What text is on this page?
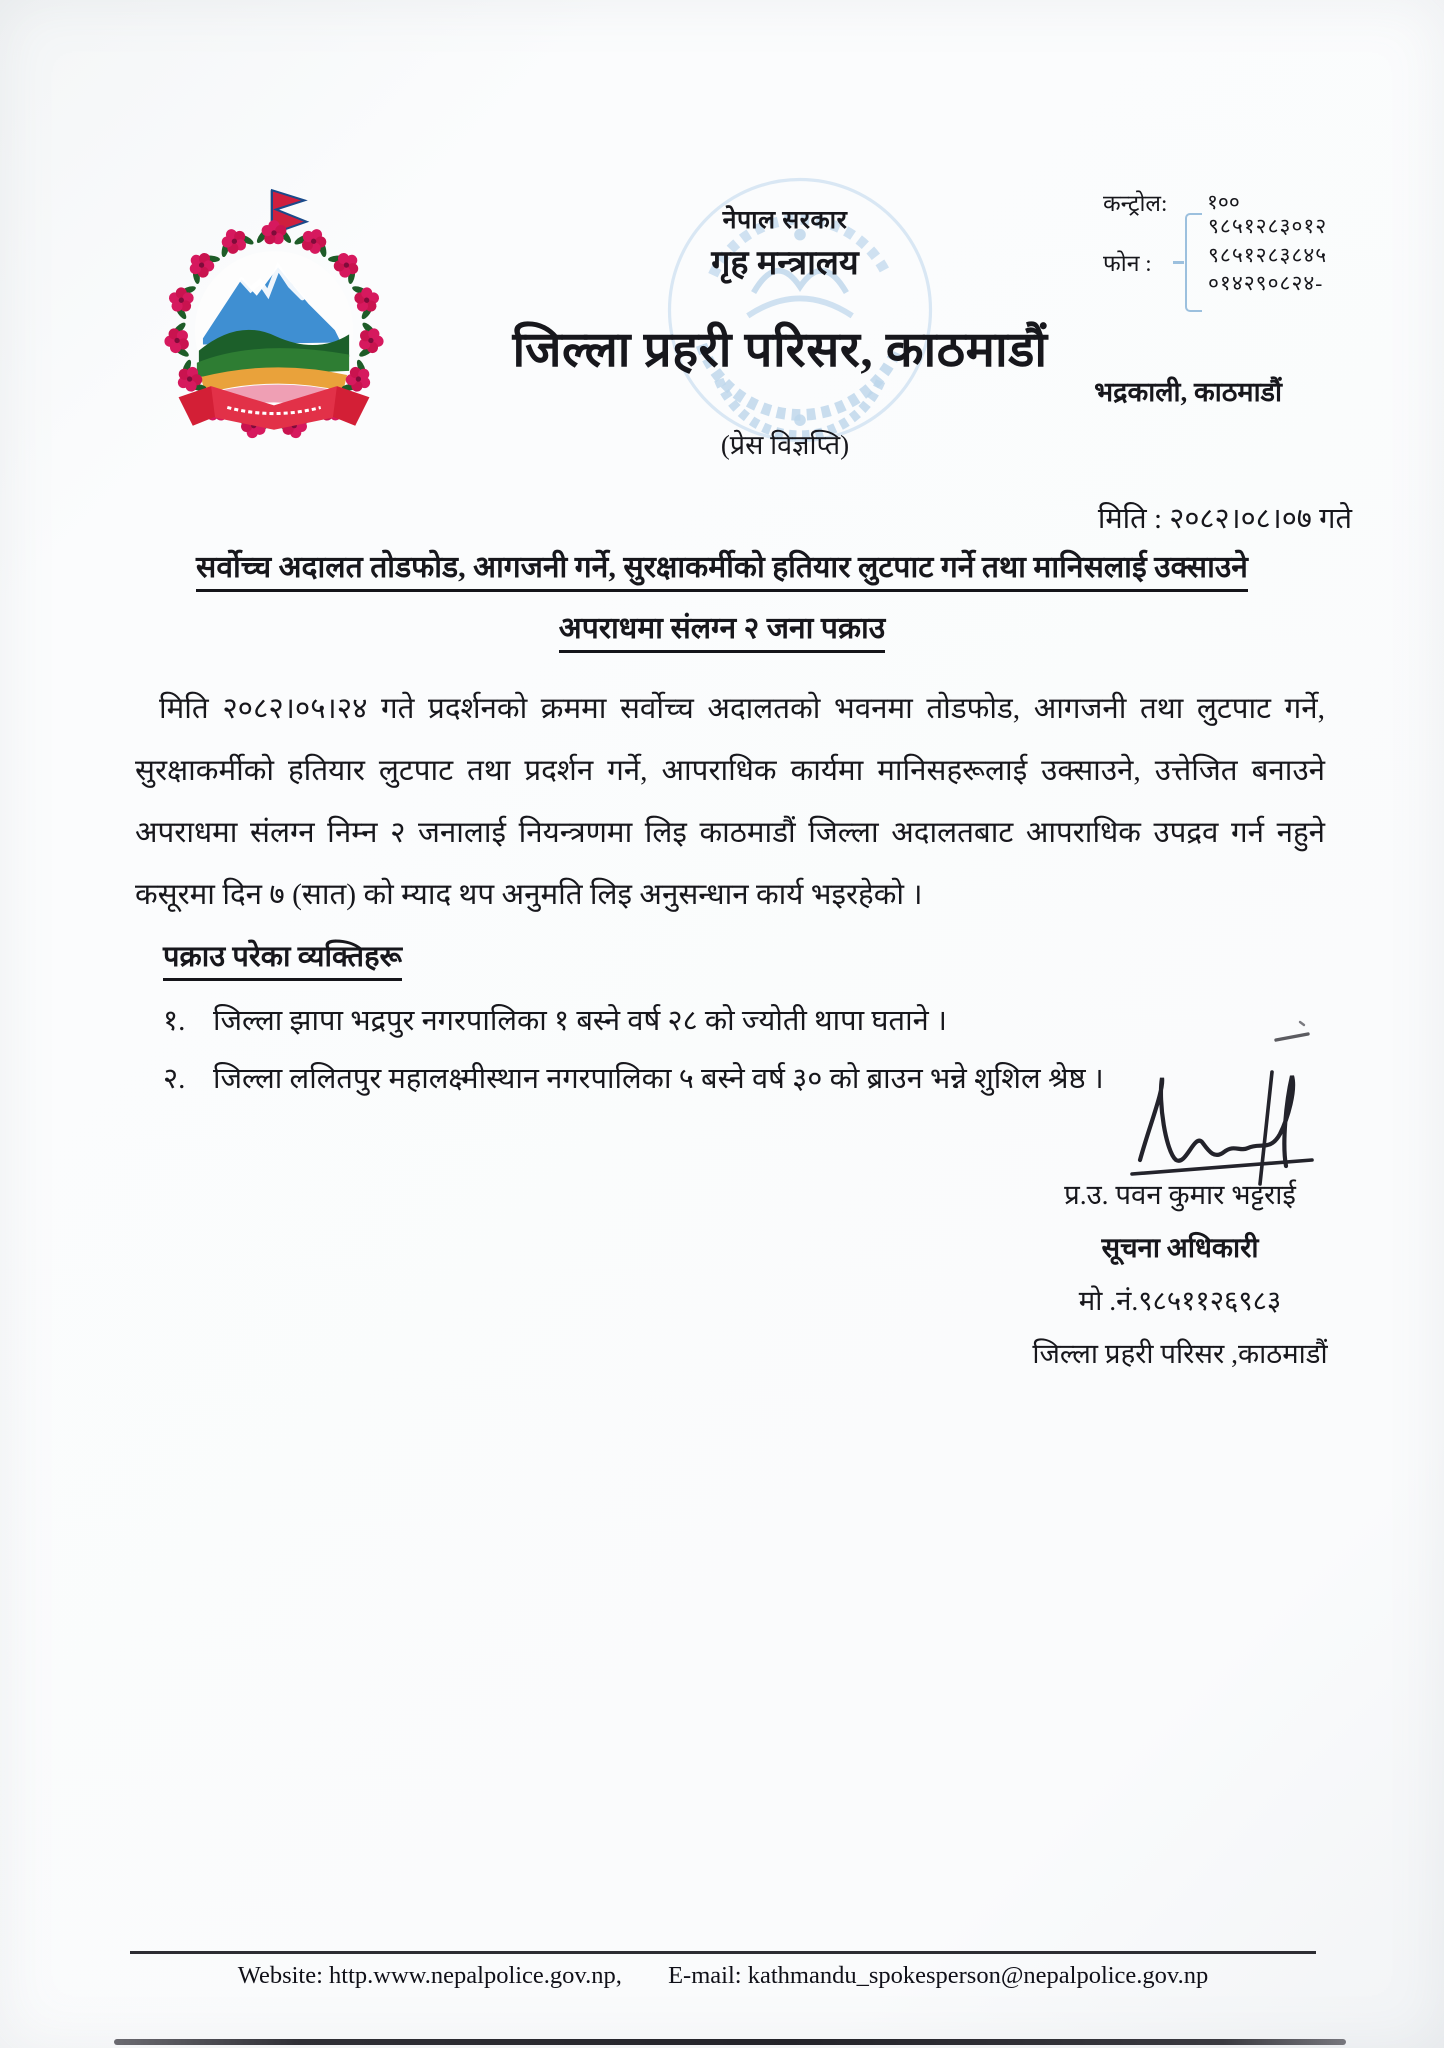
नेपाल सरकार
गृह मन्त्रालय
जिल्ला प्रहरी परिसर, काठमाडौं
(प्रेस विज्ञप्ति)
भद्रकाली, काठमाडौं
कन्ट्रोल: १००
फोन :
९८५१२८३०१२
९८५१२८३८४५
०१४२९०८२४-
मिति : २०८२।०८।०७ गते
सर्वोच्च अदालत तोडफोड, आगजनी गर्ने, सुरक्षाकर्मीको हतियार लुटपाट गर्ने तथा मानिसलाई उक्साउने
अपराधमा संलग्न २ जना पक्राउ
मिति २०८२।०५।२४ गते प्रदर्शनको क्रममा सर्वोच्च अदालतको भवनमा तोडफोड, आगजनी तथा लुटपाट गर्ने, सुरक्षाकर्मीको हतियार लुटपाट तथा प्रदर्शन गर्ने, आपराधिक कार्यमा मानिसहरूलाई उक्साउने, उत्तेजित बनाउने अपराधमा संलग्न निम्न २ जनालाई नियन्त्रणमा लिइ काठमाडौं जिल्ला अदालतबाट आपराधिक उपद्रव गर्न नहुने कसूरमा दिन ७ (सात) को म्याद थप अनुमति लिइ अनुसन्धान कार्य भइरहेको ।
पक्राउ परेका व्यक्तिहरू
१. जिल्ला झापा भद्रपुर नगरपालिका १ बस्ने वर्ष २८ को ज्योती थापा घताने ।
२. जिल्ला ललितपुर महालक्ष्मीस्थान नगरपालिका ५ बस्ने वर्ष ३० को ब्राउन भन्ने शुशिल श्रेष्ठ ।
प्र.उ. पवन कुमार भट्टराई
सूचना अधिकारी
मो .नं.९८५११२६९८३
जिल्ला प्रहरी परिसर ,काठमाडौं
Website: http.www.nepalpolice.gov.np, E-mail: kathmandu_spokesperson@nepalpolice.gov.np
